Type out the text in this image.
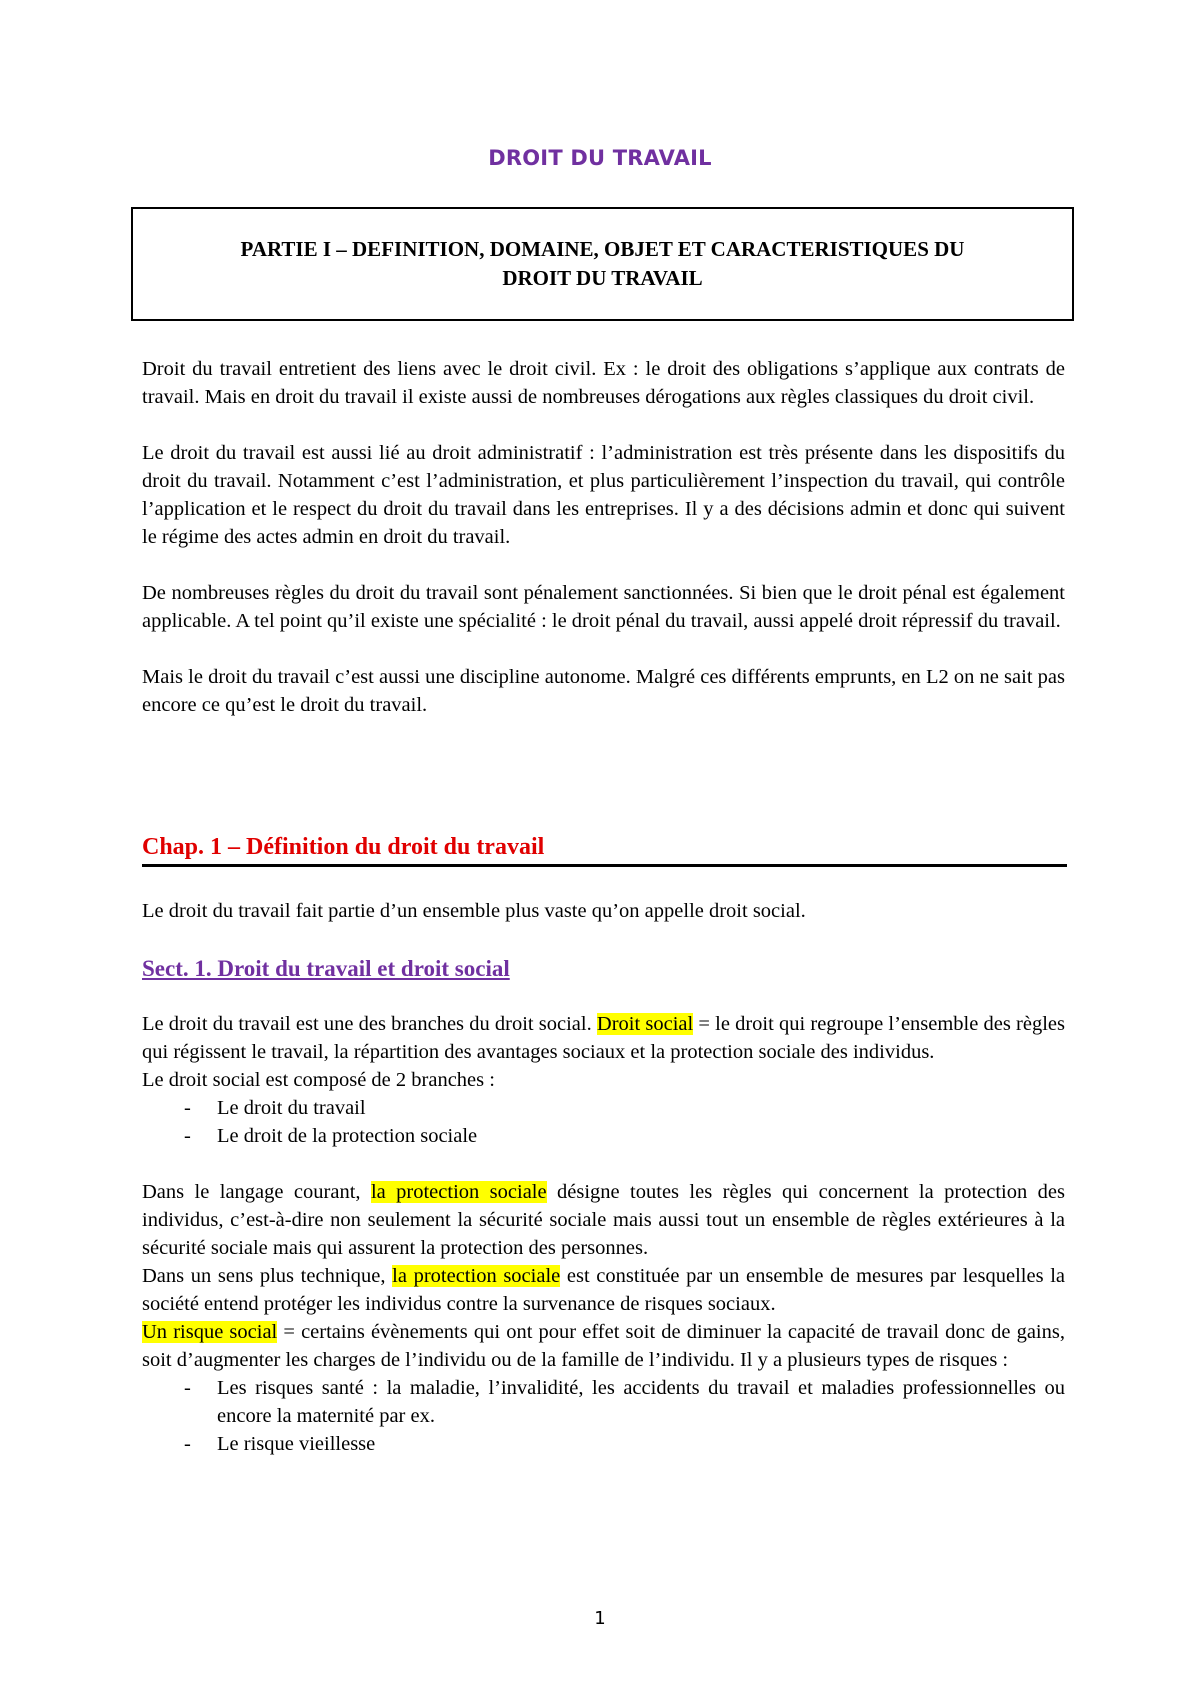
DROIT DU TRAVAIL
PARTIE I – DEFINITION, DOMAINE, OBJET ET CARACTERISTIQUES DU
DROIT DU TRAVAIL

Droit du travail entretient des liens avec le droit civil. Ex : le droit des obligations s’applique aux contrats de travail. Mais en droit du travail il existe aussi de nombreuses dérogations aux règles classiques du droit civil.

Le droit du travail est aussi lié au droit administratif : l’administration est très présente dans les dispositifs du droit du travail. Notamment c’est l’administration, et plus particulièrement l’inspection du travail, qui contrôle l’application et le respect du droit du travail dans les entreprises. Il y a des décisions admin et donc qui suivent le régime des actes admin en droit du travail.

De nombreuses règles du droit du travail sont pénalement sanctionnées. Si bien que le droit pénal est également applicable. A tel point qu’il existe une spécialité : le droit pénal du travail, aussi appelé droit répressif du travail.

Mais le droit du travail c’est aussi une discipline autonome. Malgré ces différents emprunts, en L2 on ne sait pas encore ce qu’est le droit du travail.

Chap. 1 – Définition du droit du travail

Le droit du travail fait partie d’un ensemble plus vaste qu’on appelle droit social.

Sect. 1. Droit du travail et droit social

Le droit du travail est une des branches du droit social. Droit social = le droit qui regroupe l’ensemble des règles qui régissent le travail, la répartition des avantages sociaux et la protection sociale des individus.

Le droit social est composé de 2 branches :

- Le droit du travail
- Le droit de la protection sociale

Dans le langage courant, la protection sociale désigne toutes les règles qui concernent la protection des individus, c’est-à-dire non seulement la sécurité sociale mais aussi tout un ensemble de règles extérieures à la sécurité sociale mais qui assurent la protection des personnes.

Dans un sens plus technique, la protection sociale est constituée par un ensemble de mesures par lesquelles la société entend protéger les individus contre la survenance de risques sociaux.

Un risque social = certains évènements qui ont pour effet soit de diminuer la capacité de travail donc de gains, soit d’augmenter les charges de l’individu ou de la famille de l’individu. Il y a plusieurs types de risques :

- Les risques santé : la maladie, l’invalidité, les accidents du travail et maladies professionnelles ou encore la maternité par ex.
- Le risque vieillesse
1
